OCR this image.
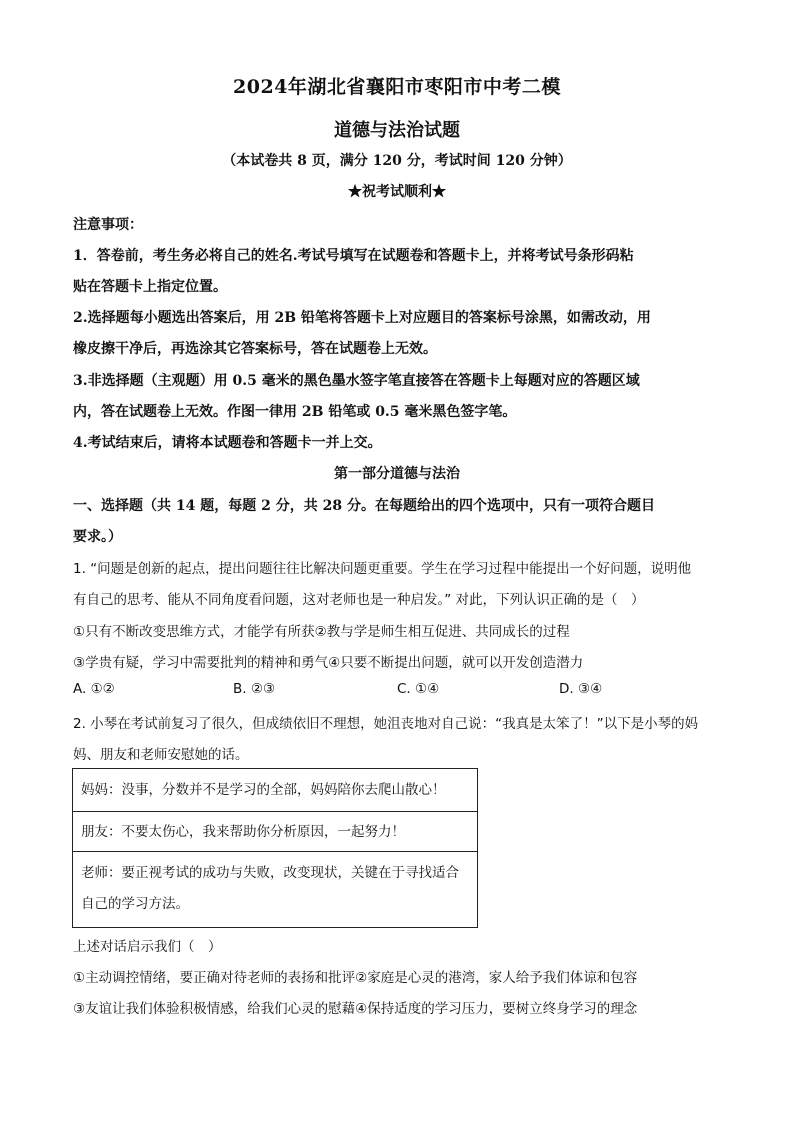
2024年湖北省襄阳市枣阳市中考二模
道德与法治试题
（本试卷共 8 页，满分 120 分，考试时间 120 分钟）
★祝考试顺利★
注意事项：
1．答卷前，考生务必将自己的姓名.考试号填写在试题卷和答题卡上，并将考试号条形码粘
贴在答题卡上指定位置。
2.选择题每小题选出答案后，用 2B 铅笔将答题卡上对应题目的答案标号涂黑，如需改动，用
橡皮擦干净后，再选涂其它答案标号，答在试题卷上无效。
3.非选择题（主观题）用 0.5 毫米的黑色墨水签字笔直接答在答题卡上每题对应的答题区域
内，答在试题卷上无效。作图一律用 2B 铅笔或 0.5 毫米黑色签字笔。
4.考试结束后，请将本试题卷和答题卡一并上交。
第一部分道德与法治
一、选择题（共 14 题，每题 2 分，共 28 分。在每题给出的四个选项中，只有一项符合题目
要求。）
1. “问题是创新的起点，提出问题往往比解决问题更重要。学生在学习过程中能提出一个好问题，说明他
有自己的思考、能从不同角度看问题，这对老师也是一种启发。” 对此，下列认识正确的是（　）
①只有不断改变思维方式，才能学有所获②教与学是师生相互促进、共同成长的过程
③学贵有疑，学习中需要批判的精神和勇气④只要不断提出问题，就可以开发创造潜力
A. ①②	B. ②③	C. ①④	D. ③④
2. 小琴在考试前复习了很久，但成绩依旧不理想，她沮丧地对自己说：“我真是太笨了！”以下是小琴的妈
妈、朋友和老师安慰她的话。
妈妈：没事，分数并不是学习的全部，妈妈陪你去爬山散心！
朋友：不要太伤心，我来帮助你分析原因，一起努力！
老师：要正视考试的成功与失败，改变现状，关键在于寻找适合自己的学习方法。
上述对话启示我们（　）
①主动调控情绪，要正确对待老师的表扬和批评②家庭是心灵的港湾，家人给予我们体谅和包容
③友谊让我们体验积极情感，给我们心灵的慰藉④保持适度的学习压力，要树立终身学习的理念
